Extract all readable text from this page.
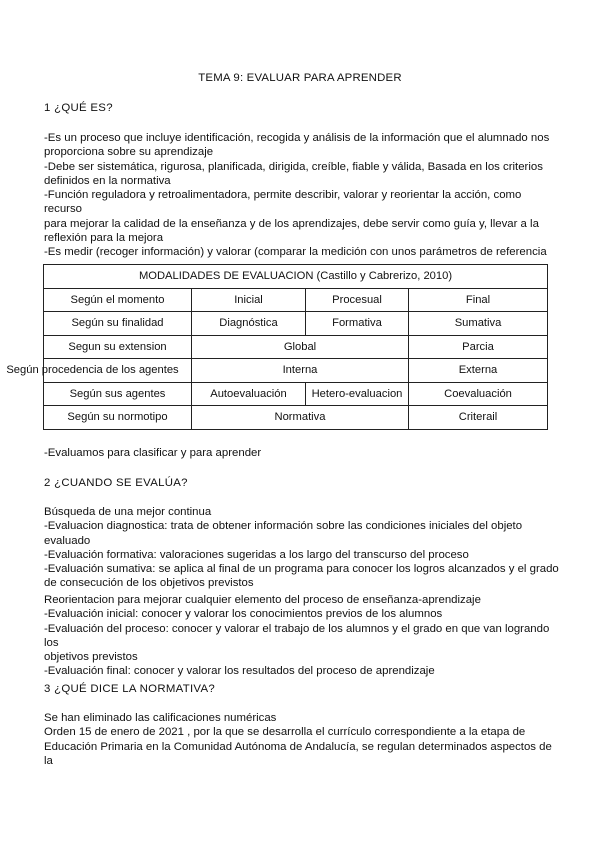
TEMA 9: EVALUAR PARA APRENDER
1 ¿QUÉ ES?

-Es un proceso que incluye identificación, recogida y análisis de la información que el alumnado nos

proporciona sobre su aprendizaje

-Debe ser sistemática, rigurosa, planificada, dirigida, creíble, fiable y válida, Basada en los criterios

definidos en la normativa

-Función reguladora y retroalimentadora, permite describir, valorar y reorientar la acción, como recurso

para mejorar la calidad de la enseñanza y de los aprendizajes, debe servir como guía y, llevar a la

reflexión para la mejora

-Es medir (recoger información) y valorar (comparar la medición con unos parámetros de referencia

MODALIDADES DE EVALUACION (Castillo y Cabrerizo, 2010)			
Según el momento	Inicial	Procesual	Final
Según su finalidad	Diagnóstica	Formativa	Sumativa
Segun su extension	Global		Parcia
Según procedencia de los agentes	Interna		Externa
Según sus agentes	Autoevaluación	Hetero-evaluacion	Coevaluación
Según su normotipo	Normativa		Criterail
-Evaluamos para clasificar y para aprender
2 ¿CUANDO SE EVALÚA?

Búsqueda de una mejor continua

-Evaluacion diagnostica: trata de obtener información sobre las condiciones iniciales del objeto evaluado

-Evaluación formativa: valoraciones sugeridas a los largo del transcurso del proceso

-Evaluación sumativa: se aplica al final de un programa para conocer los logros alcanzados y el grado

de consecución de los objetivos previstos

Reorientacion para mejorar cualquier elemento del proceso de enseñanza-aprendizaje

-Evaluación inicial: conocer y valorar los conocimientos previos de los alumnos

-Evaluación del proceso: conocer y valorar el trabajo de los alumnos y el grado en que van logrando los

objetivos previstos

-Evaluación final: conocer y valorar los resultados del proceso de aprendizaje

3 ¿QUÉ DICE LA NORMATIVA?

Se han eliminado las calificaciones numéricas

Orden 15 de enero de 2021 , por la que se desarrolla el currículo correspondiente a la etapa de

Educación Primaria en la Comunidad Autónoma de Andalucía, se regulan determinados aspectos de la
